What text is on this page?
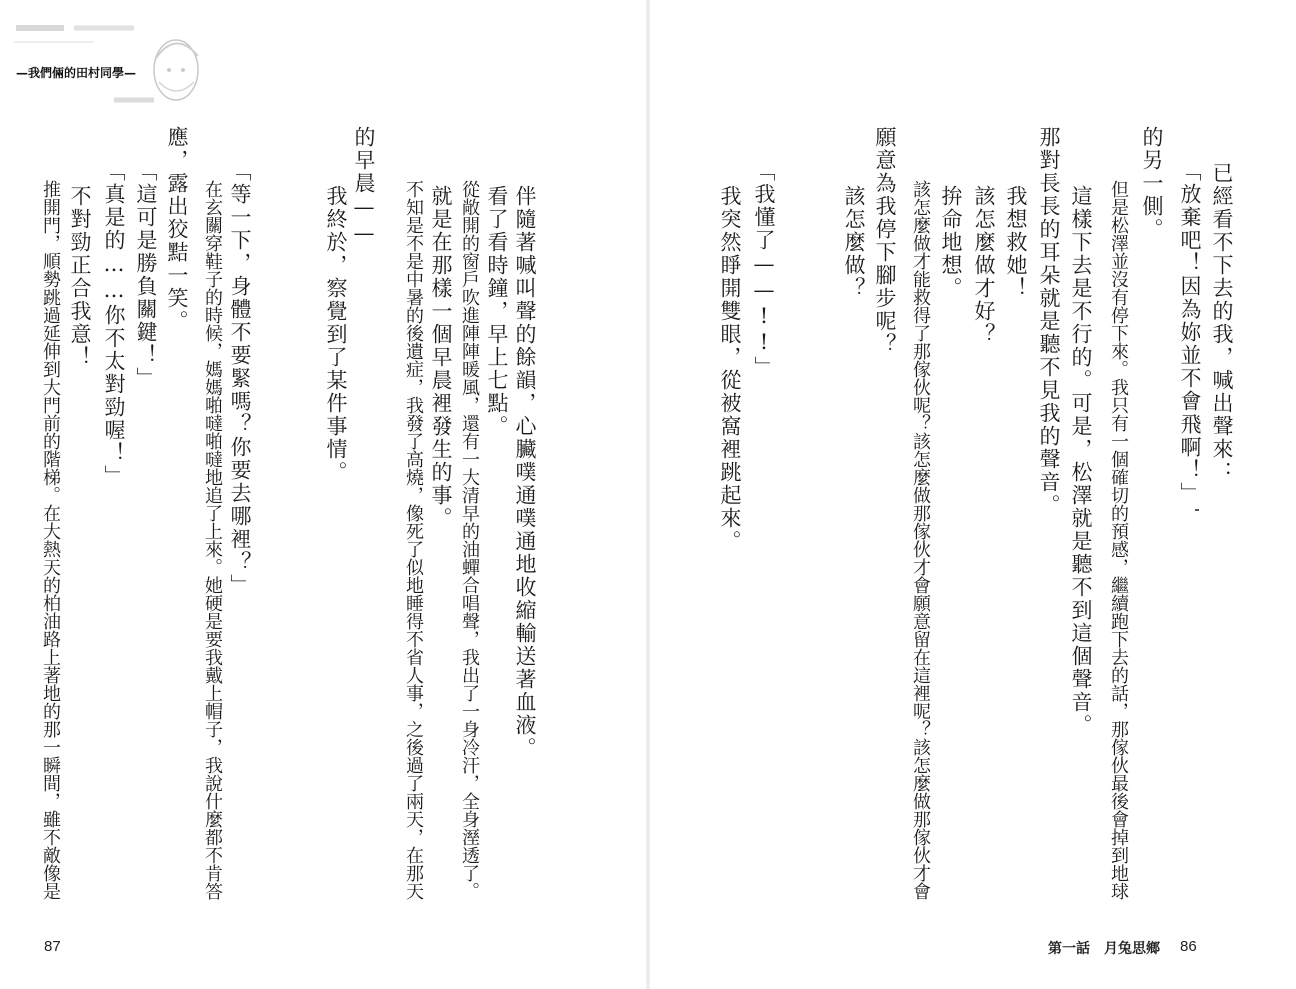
—我們倆的田村同學—
　伴隨著喊叫聲的餘韻，心臟噗通噗通地收縮輸送著血液。
　看了看時鐘，早上七點。
　從敞開的窗戶吹進陣陣暖風，還有一大清早的油蟬合唱聲，我出了一身冷汗，全身溼透了。
　就是在那樣一個早晨裡發生的事。
　不知是不是中暑的後遺症，我發了高燒，像死了似地睡得不省人事，之後過了兩天，在那天
的早晨——
　我終於，察覺到了某件事情。
「等一下，身體不要緊嗎？你要去哪裡？」
　在玄關穿鞋子的時候，媽媽啪噠啪噠地追了上來。她硬是要我戴上帽子，我說什麼都不肯答
應，露出狡黠一笑。
「這可是勝負關鍵！」
「真是的……你不太對勁喔！」
　不對勁正合我意！
　推開門，順勢跳過延伸到大門前的階梯。在大熱天的柏油路上著地的那一瞬間，雖不敵像是
87
已經看不下去的我，喊出聲來：
「放棄吧！因為妳並不會飛啊！」
的另一側。
　但是松澤並沒有停下來。我只有一個確切的預感，繼續跑下去的話，那傢伙最後會掉到地球
　這樣下去是不行的。可是，松澤就是聽不到這個聲音。
那對長長的耳朵就是聽不見我的聲音。
　我想救她！
　該怎麼做才好？
　拚命地想。
　該怎麼做才能救得了那傢伙呢？該怎麼做那傢伙才會願意留在這裡呢？該怎麼做那傢伙才會
願意為我停下腳步呢？
　該怎麼做？
「我懂了——!!」
　我突然睜開雙眼，從被窩裡跳起來。
86
第一話　月兔思鄉
